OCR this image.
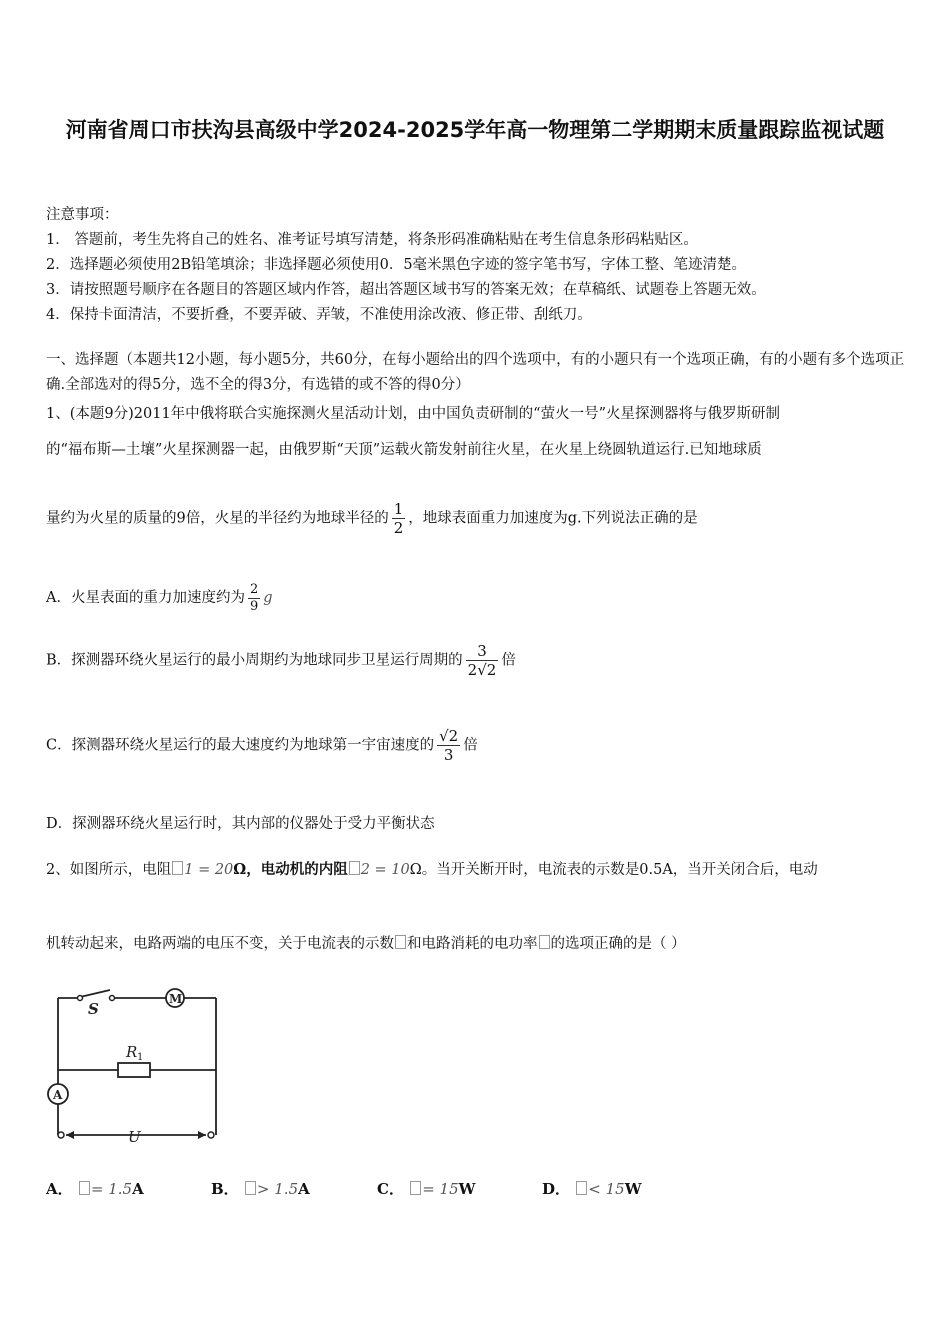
河南省周口市扶沟县高级中学2024-2025学年高一物理第二学期期末质量跟踪监视试题
注意事项：
1． 答题前，考生先将自己的姓名、准考证号填写清楚，将条形码准确粘贴在考生信息条形码粘贴区。
2．选择题必须使用2B铅笔填涂；非选择题必须使用0．5毫米黑色字迹的签字笔书写，字体工整、笔迹清楚。
3．请按照题号顺序在各题目的答题区域内作答，超出答题区域书写的答案无效；在草稿纸、试题卷上答题无效。
4．保持卡面清洁，不要折叠，不要弄破、弄皱，不准使用涂改液、修正带、刮纸刀。
一、选择题（本题共12小题，每小题5分，共60分，在每小题给出的四个选项中，有的小题只有一个选项正确，有的小题有多个选项正确.全部选对的得5分，选不全的得3分，有选错的或不答的得0分）
1、(本题9分)2011年中俄将联合实施探测火星活动计划，由中国负责研制的“萤火一号”火星探测器将与俄罗斯研制
的“福布斯—土壤”火星探测器一起，由俄罗斯“天顶”运载火箭发射前往火星，在火星上绕圆轨道运行.已知地球质
量约为火星的质量的9倍，火星的半径约为地球半径的 $\frac{1}{2}$ ，地球表面重力加速度为g.下列说法正确的是
A．火星表面的重力加速度约为 $\frac{2}{9}$ g
B．探测器环绕火星运行的最小周期约为地球同步卫星运行周期的 $\frac{3}{2√2}$ 倍
C．探测器环绕火星运行的最大速度约为地球第一宇宙速度的 $\frac{√2}{3}$ 倍
D．探测器环绕火星运行时，其内部的仪器处于受力平衡状态
2、如图所示，电阻 1 = 20Ω，电动机的内阻 2 = 10Ω。当开关断开时，电流表的示数是0.5A，当开关闭合后，电动
机转动起来，电路两端的电压不变，关于电流表的示数 和电路消耗的电功率 的选项正确的是（ ）
S
M
R 1
A
U
A． = 1.5A	B． > 1.5A	C． = 15W	D． < 15W
